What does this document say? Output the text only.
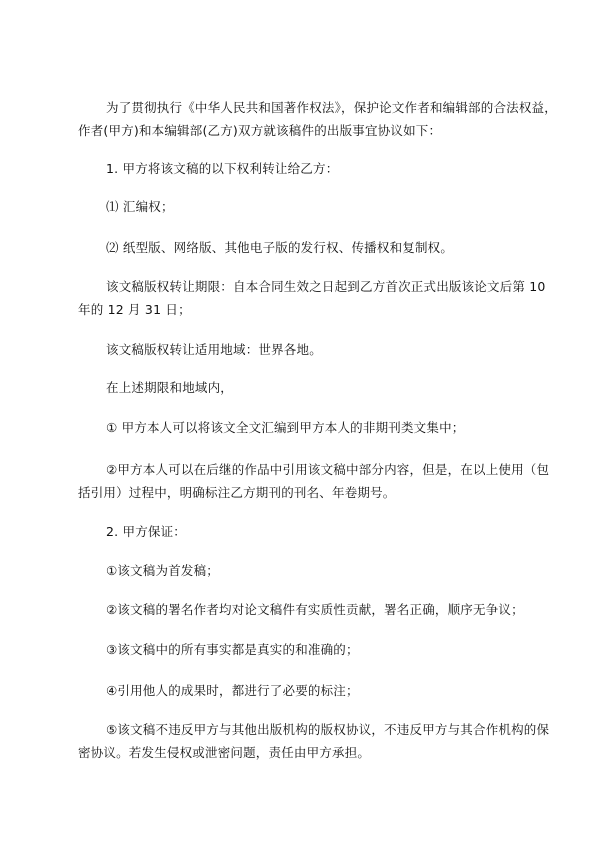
为了贯彻执行《中华人民共和国著作权法》，保护论文作者和编辑部的合法权益，
作者(甲方)和本编辑部(乙方)双方就该稿件的出版事宜协议如下：
1. 甲方将该文稿的以下权利转让给乙方：
⑴ 汇编权；
⑵ 纸型版、网络版、其他电子版的发行权、传播权和复制权。
该文稿版权转让期限：自本合同生效之日起到乙方首次正式出版该论文后第 10
年的 12 月 31 日；
该文稿版权转让适用地域：世界各地。
在上述期限和地域内，
① 甲方本人可以将该文全文汇编到甲方本人的非期刊类文集中；
②甲方本人可以在后继的作品中引用该文稿中部分内容，但是，在以上使用（包
括引用）过程中，明确标注乙方期刊的刊名、年卷期号。
2. 甲方保证：
①该文稿为首发稿；
②该文稿的署名作者均对论文稿件有实质性贡献，署名正确，顺序无争议；
③该文稿中的所有事实都是真实的和准确的；
④引用他人的成果时，都进行了必要的标注；
⑤该文稿不违反甲方与其他出版机构的版权协议，不违反甲方与其合作机构的保
密协议。若发生侵权或泄密问题，责任由甲方承担。
